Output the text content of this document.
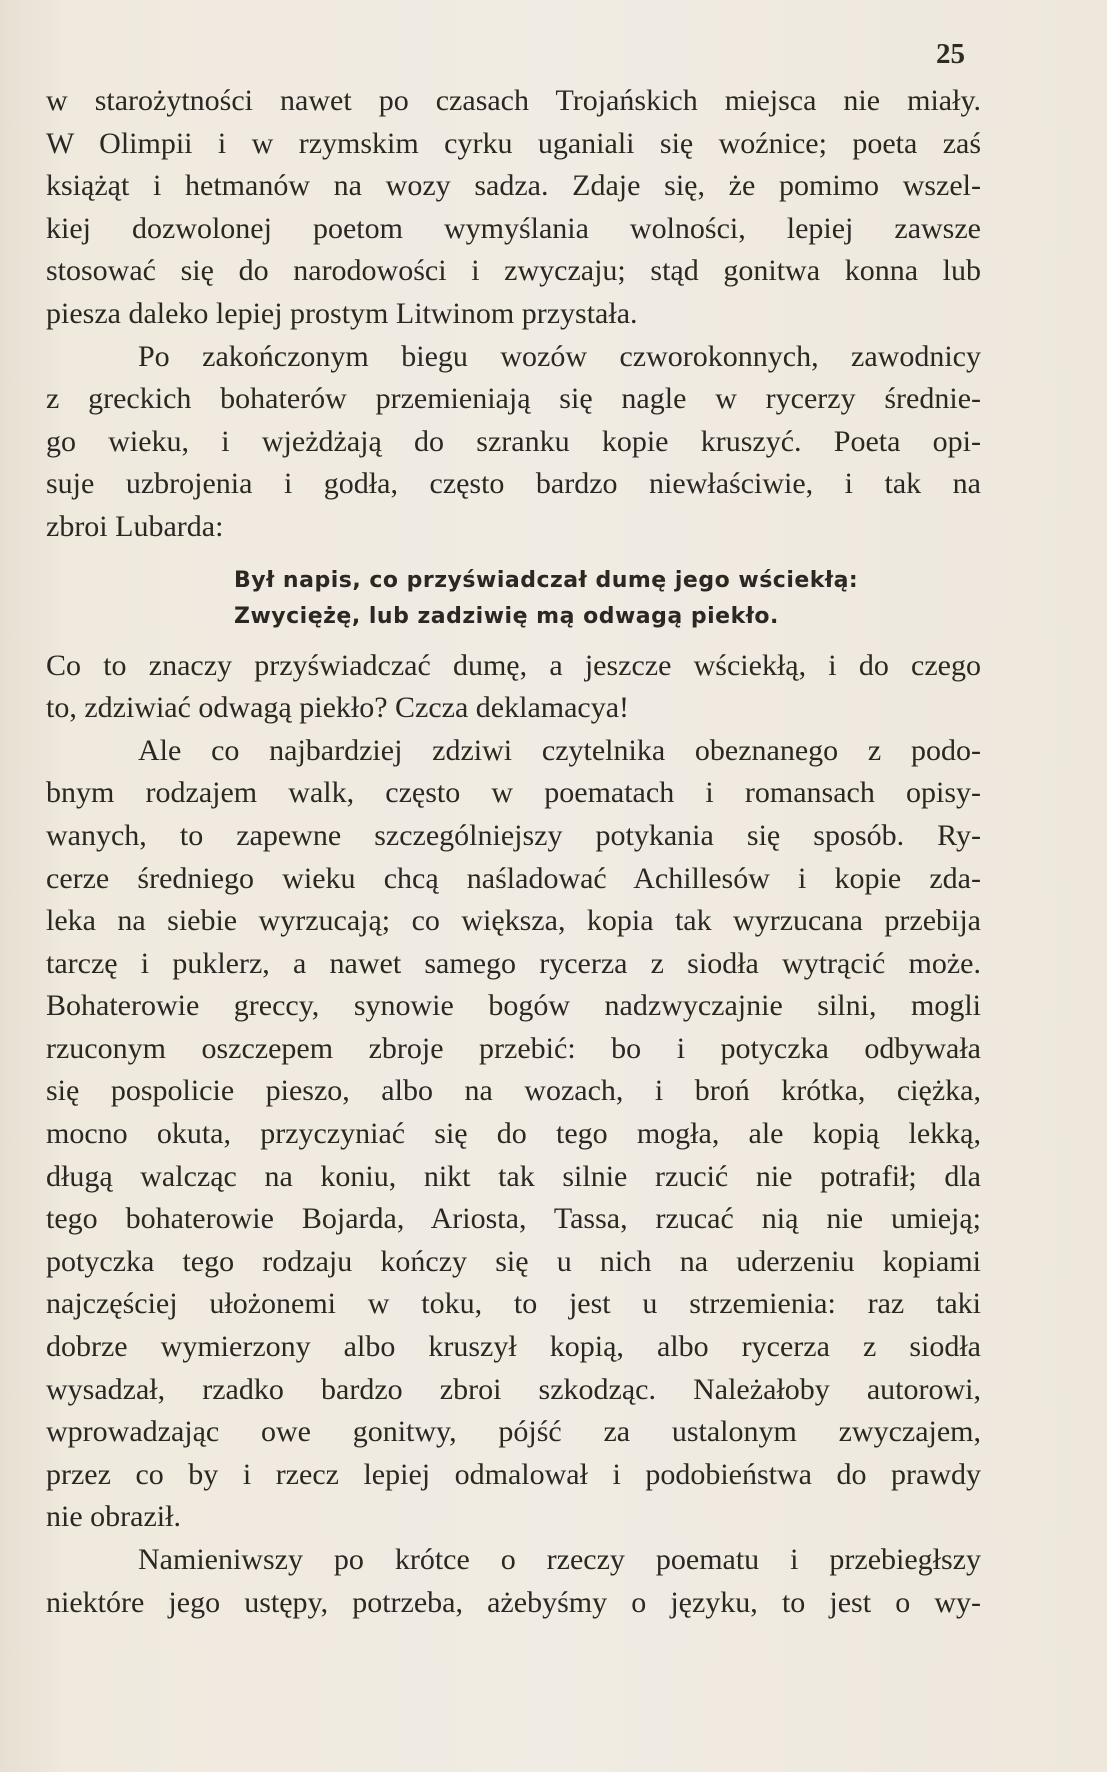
25
w starożytności nawet po czasach Trojańskich miejsca nie miały.
W Olimpii i w rzymskim cyrku uganiali się woźnice; poeta zaś
książąt i hetmanów na wozy sadza. Zdaje się, że pomimo wszel-
kiej dozwolonej poetom wymyślania wolności, lepiej zawsze
stosować się do narodowości i zwyczaju; stąd gonitwa konna lub
piesza daleko lepiej prostym Litwinom przystała.
Po zakończonym biegu wozów czworokonnych, zawodnicy
z greckich bohaterów przemieniają się nagle w rycerzy średnie-
go wieku, i wjeżdżają do szranku kopie kruszyć. Poeta opi-
suje uzbrojenia i godła, często bardzo niewłaściwie, i tak na
zbroi Lubarda:
Był napis, co przyświadczał dumę jego wściekłą:
Zwyciężę, lub zadziwię mą odwagą piekło.
Co to znaczy przyświadczać dumę, a jeszcze wściekłą, i do czego
to, zdziwiać odwagą piekło? Czcza deklamacya!
Ale co najbardziej zdziwi czytelnika obeznanego z podo-
bnym rodzajem walk, często w poematach i romansach opisy-
wanych, to zapewne szczególniejszy potykania się sposób. Ry-
cerze średniego wieku chcą naśladować Achillesów i kopie zda-
leka na siebie wyrzucają; co większa, kopia tak wyrzucana przebija
tarczę i puklerz, a nawet samego rycerza z siodła wytrącić może.
Bohaterowie greccy, synowie bogów nadzwyczajnie silni, mogli
rzuconym oszczepem zbroje przebić: bo i potyczka odbywała
się pospolicie pieszo, albo na wozach, i broń krótka, ciężka,
mocno okuta, przyczyniać się do tego mogła, ale kopią lekką,
długą walcząc na koniu, nikt tak silnie rzucić nie potrafił; dla
tego bohaterowie Bojarda, Ariosta, Tassa, rzucać nią nie umieją;
potyczka tego rodzaju kończy się u nich na uderzeniu kopiami
najczęściej ułożonemi w toku, to jest u strzemienia: raz taki
dobrze wymierzony albo kruszył kopią, albo rycerza z siodła
wysadzał, rzadko bardzo zbroi szkodząc. Należałoby autorowi,
wprowadzając owe gonitwy, pójść za ustalonym zwyczajem,
przez co by i rzecz lepiej odmalował i podobieństwa do prawdy
nie obraził.
Namieniwszy po krótce o rzeczy poematu i przebiegłszy
niektóre jego ustępy, potrzeba, ażebyśmy o języku, to jest o wy-
